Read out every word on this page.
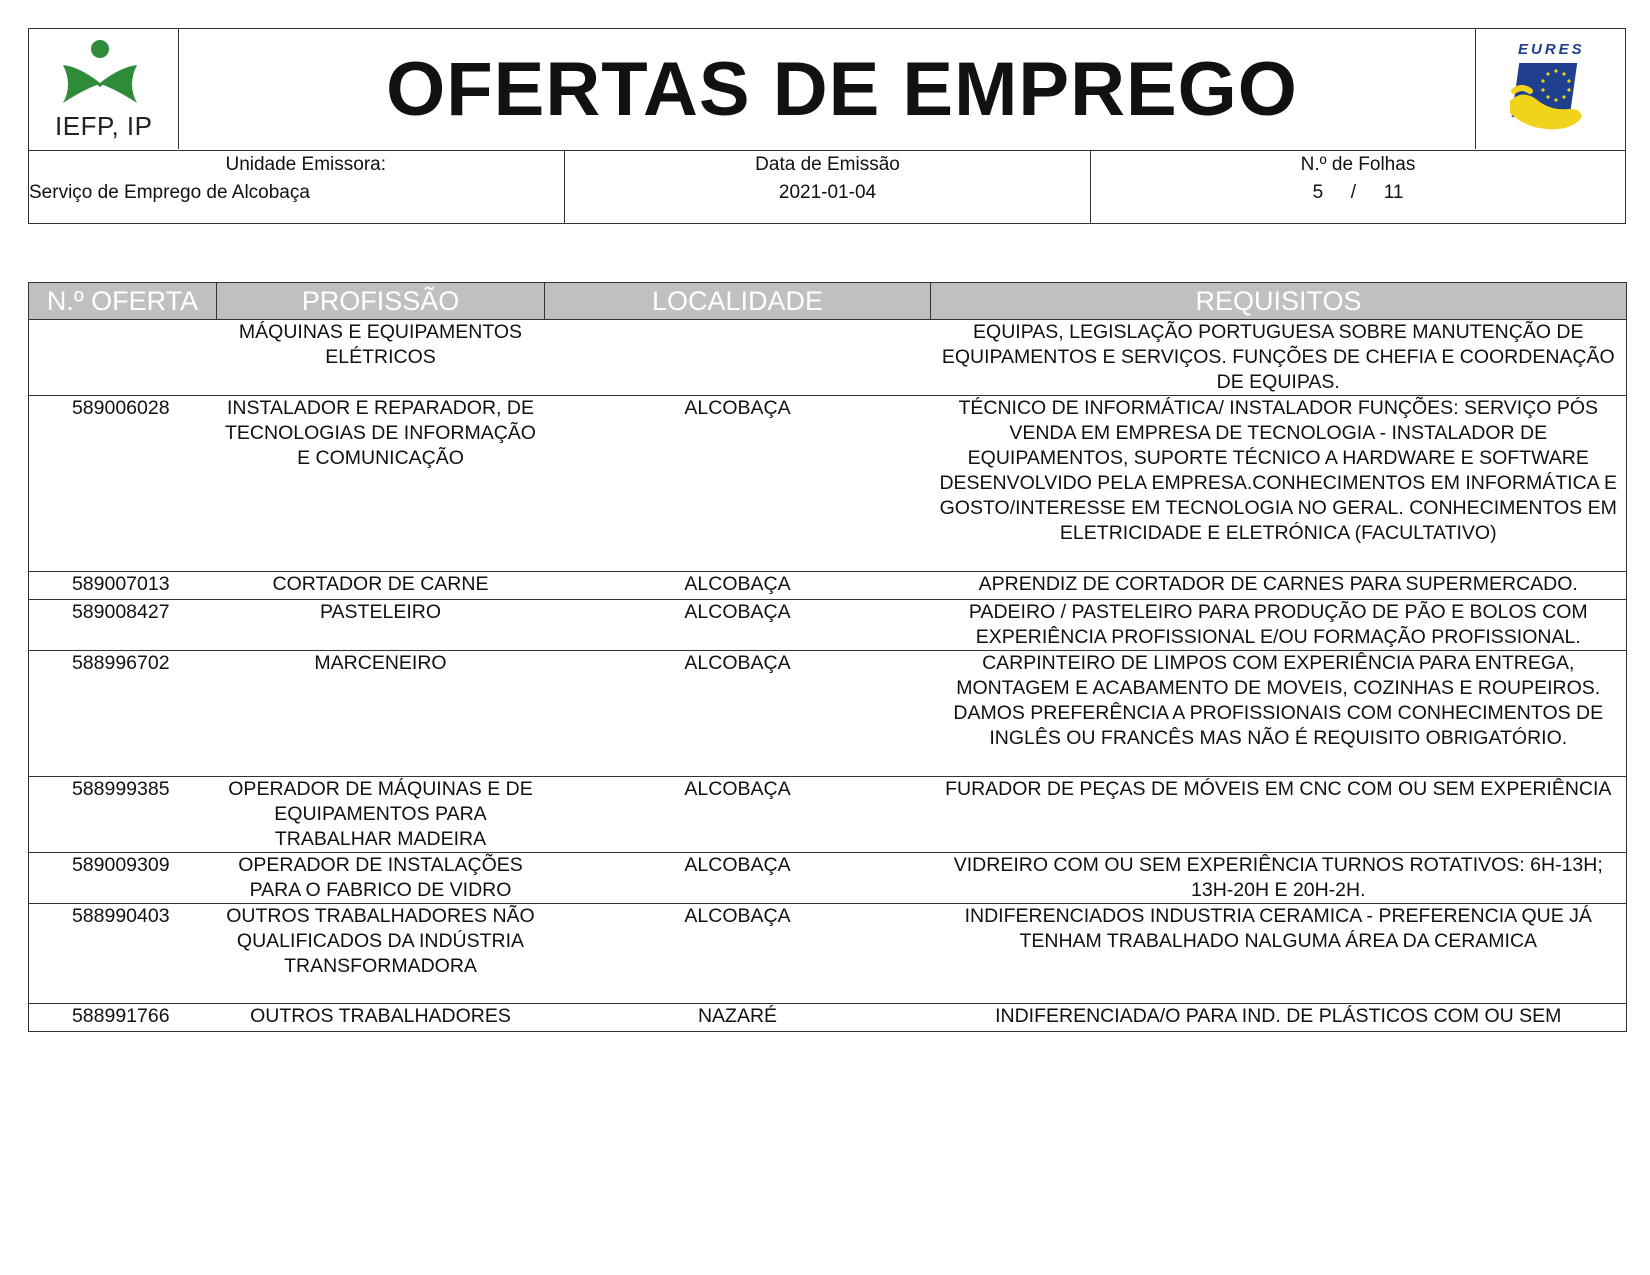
IEFP, IP	OFERTAS DE EMPREGO	EURES
Unidade Emissora:
Serviço de Emprego de Alcobaça
Data de Emissão
2021-01-04
N.º de Folhas
5 / 11
N.º OFERTA	PROFISSÃO	LOCALIDADE	REQUISITOS
	MÁQUINAS E EQUIPAMENTOS ELÉTRICOS		EQUIPAS, LEGISLAÇÃO PORTUGUESA SOBRE MANUTENÇÃO DE EQUIPAMENTOS E SERVIÇOS. FUNÇÕES DE CHEFIA E COORDENAÇÃO DE EQUIPAS.
589006028	INSTALADOR E REPARADOR, DE TECNOLOGIAS DE INFORMAÇÃO E COMUNICAÇÃO	ALCOBAÇA	TÉCNICO DE INFORMÁTICA/ INSTALADOR FUNÇÕES: SERVIÇO PÓS VENDA EM EMPRESA DE TECNOLOGIA - INSTALADOR DE EQUIPAMENTOS, SUPORTE TÉCNICO A HARDWARE E SOFTWARE DESENVOLVIDO PELA EMPRESA.CONHECIMENTOS EM INFORMÁTICA E GOSTO/INTERESSE EM TECNOLOGIA NO GERAL. CONHECIMENTOS EM ELETRICIDADE E ELETRÓNICA (FACULTATIVO)
589007013	CORTADOR DE CARNE	ALCOBAÇA	APRENDIZ DE CORTADOR DE CARNES PARA SUPERMERCADO.
589008427	PASTELEIRO	ALCOBAÇA	PADEIRO / PASTELEIRO PARA PRODUÇÃO DE PÃO E BOLOS COM EXPERIÊNCIA PROFISSIONAL E/OU FORMAÇÃO PROFISSIONAL.
588996702	MARCENEIRO	ALCOBAÇA	CARPINTEIRO DE LIMPOS COM EXPERIÊNCIA PARA ENTREGA, MONTAGEM E ACABAMENTO DE MOVEIS, COZINHAS E ROUPEIROS. DAMOS PREFERÊNCIA A PROFISSIONAIS COM CONHECIMENTOS DE INGLÊS OU FRANCÊS MAS NÃO É REQUISITO OBRIGATÓRIO.
588999385	OPERADOR DE MÁQUINAS E DE EQUIPAMENTOS PARA TRABALHAR MADEIRA	ALCOBAÇA	FURADOR DE PEÇAS DE MÓVEIS EM CNC COM OU SEM EXPERIÊNCIA
589009309	OPERADOR DE INSTALAÇÕES PARA O FABRICO DE VIDRO	ALCOBAÇA	VIDREIRO COM OU SEM EXPERIÊNCIA TURNOS ROTATIVOS: 6H-13H; 13H-20H E 20H-2H.
588990403	OUTROS TRABALHADORES NÃO QUALIFICADOS DA INDÚSTRIA TRANSFORMADORA	ALCOBAÇA	INDIFERENCIADOS INDUSTRIA CERAMICA - PREFERENCIA QUE JÁ TENHAM TRABALHADO NALGUMA ÁREA DA CERAMICA
588991766	OUTROS TRABALHADORES	NAZARÉ	INDIFERENCIADA/O PARA IND. DE PLÁSTICOS COM OU SEM
